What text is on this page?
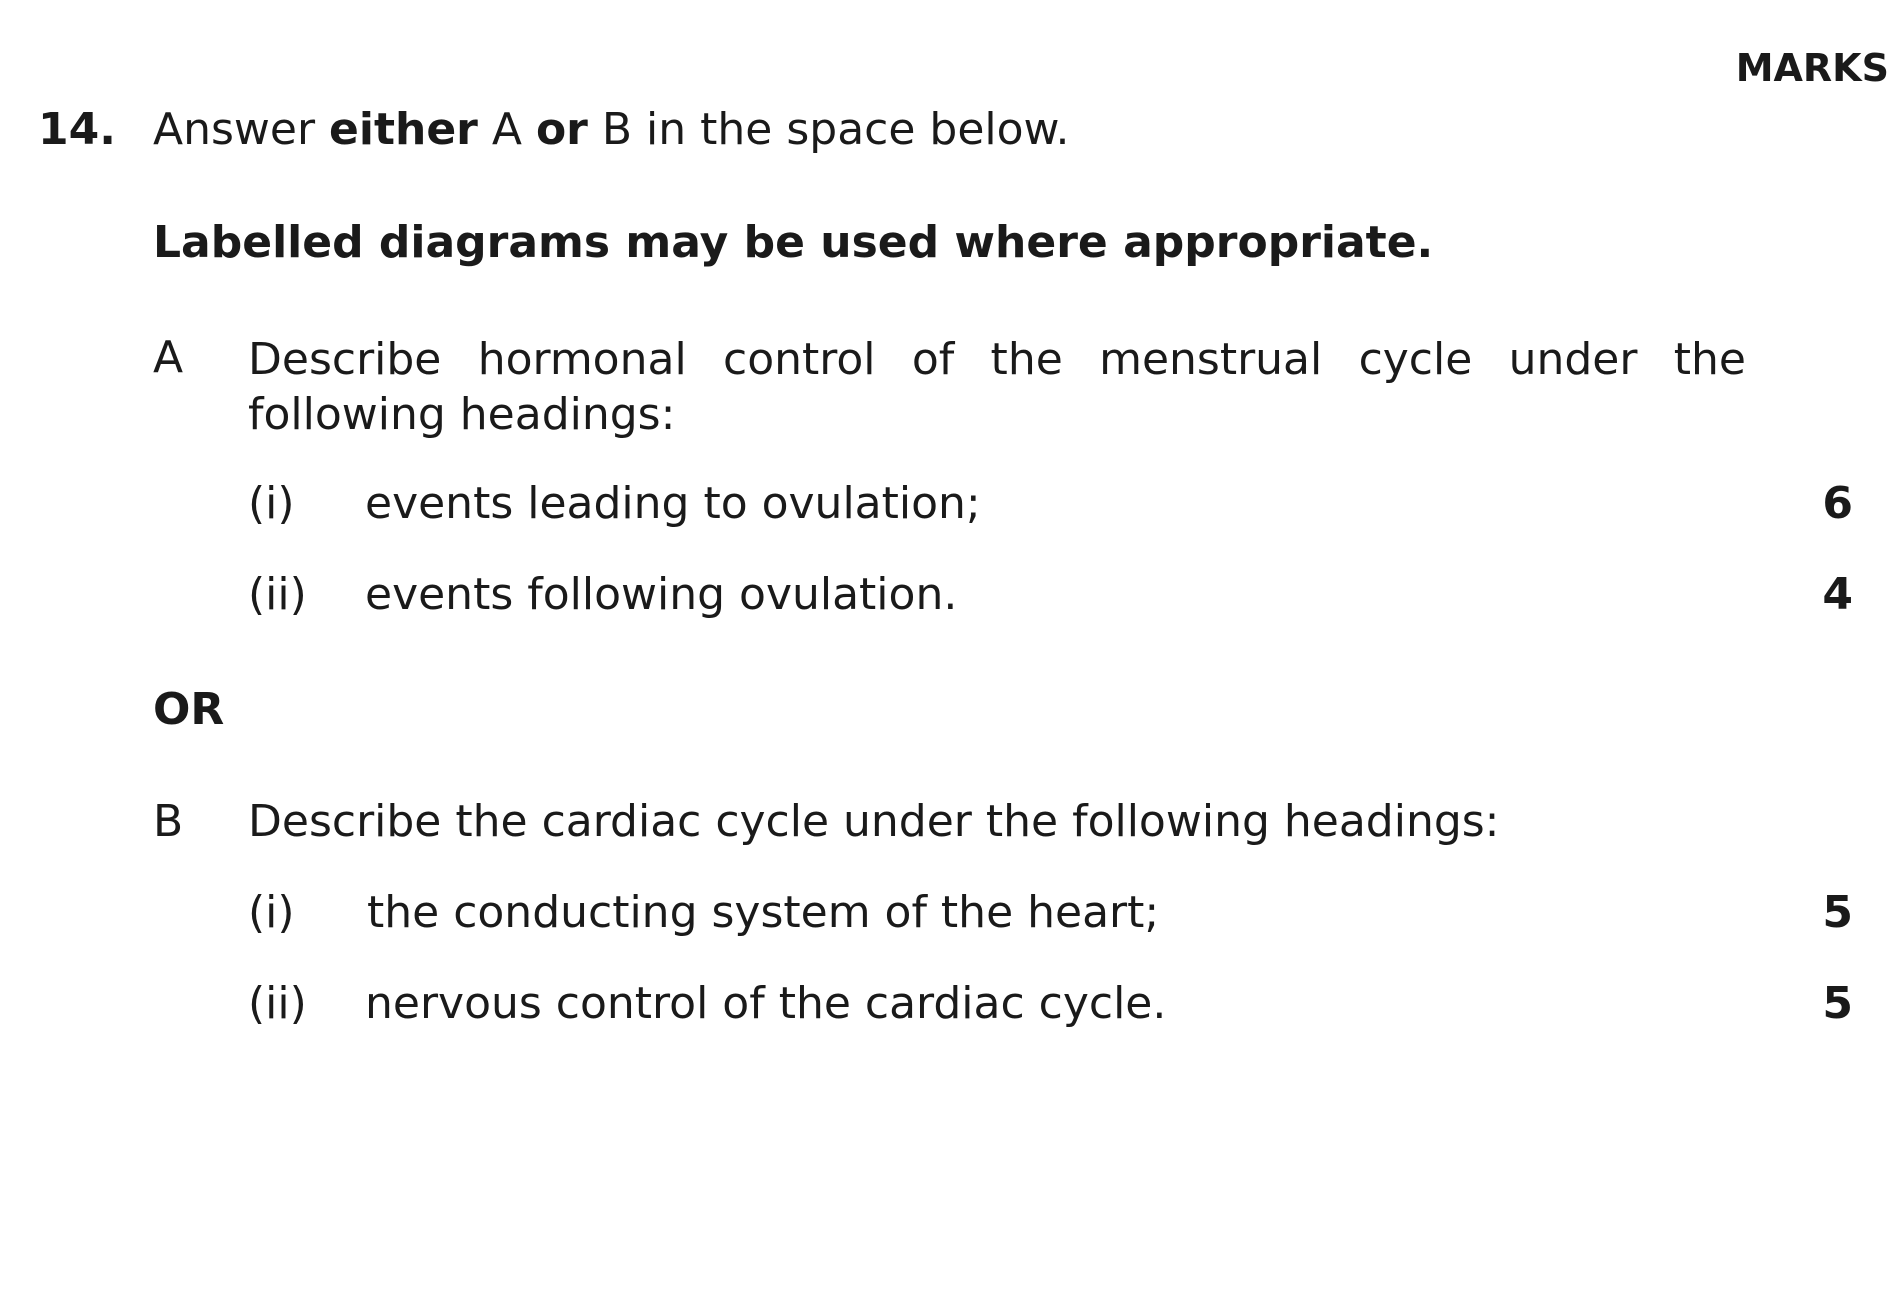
MARKS
14. Answer either A or B in the space below.
Labelled diagrams may be used where appropriate.
A Describe hormonal control of the menstrual cycle under the following headings:
(i) events leading to ovulation;	6
(ii) events following ovulation.	4
OR
B Describe the cardiac cycle under the following headings:
(i) the conducting system of the heart;	5
(ii) nervous control of the cardiac cycle.	5
